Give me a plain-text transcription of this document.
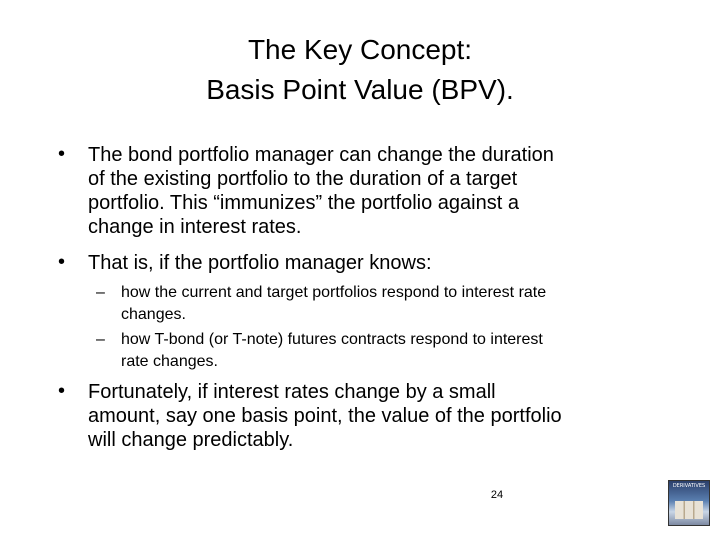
The Key Concept:
Basis Point Value (BPV).
• The bond portfolio manager can change the duration
of the existing portfolio to the duration of a target
portfolio. This “immunizes” the portfolio against a
change in interest rates.
• That is, if the portfolio manager knows:
– how the current and target portfolios respond to interest rate
changes.
– how T-bond (or T-note) futures contracts respond to interest
rate changes.
• Fortunately, if interest rates change by a small
amount, say one basis point, the value of the portfolio
will change predictably.
24
DERIVATIVES
